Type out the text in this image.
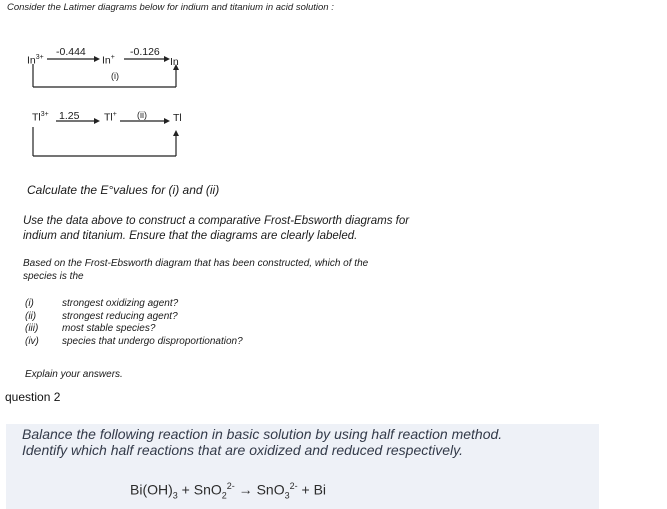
Consider the Latimer diagrams below for indium and titanium in acid solution :
$In^{3+}$ -0.444
In+ -0.126
In
(i)
$Tl^{3+}$ 1.25 Tl+ (ii) Tl
Calculate the E°values for (i) and (ii)
Use the data above to construct a comparative Frost-Ebsworth diagrams for
indium and titanium. Ensure that the diagrams are clearly labeled.
Based on the Frost-Ebsworth diagram that has been constructed, which of the
species is the
(i)	strongest oxidizing agent?
(ii)	strongest reducing agent?
(iii) most stable species?
(iv) species that undergo disproportionation?
Explain your answers.
question 2
Balance the following reaction in basic solution by using half reaction method.
Identify which half reactions that are oxidized and reduced respectively.
$Bi(OH)_3 + SnO_2^{2-} \to SnO_3^{2-} + Bi$
